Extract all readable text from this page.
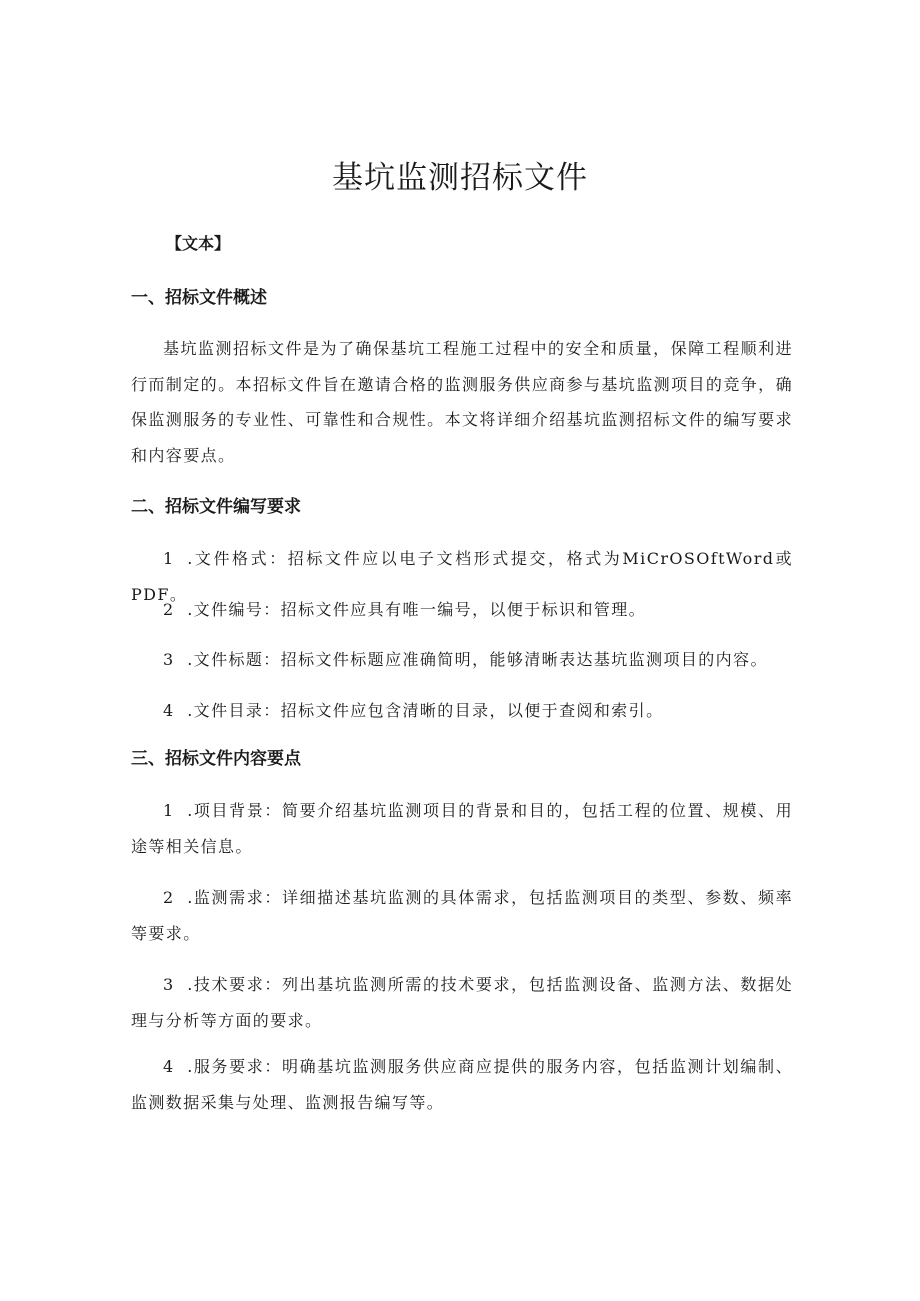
基坑监测招标文件
【文本】
一、招标文件概述

基坑监测招标文件是为了确保基坑工程施工过程中的安全和质量，保障工程顺利进行而制定的。本招标文件旨在邀请合格的监测服务供应商参与基坑监测项目的竞争，确保监测服务的专业性、可靠性和合规性。本文将详细介绍基坑监测招标文件的编写要求和内容要点。

二、招标文件编写要求

1 .文件格式：招标文件应以电子文档形式提交，格式为MiCrOSOftWord或PDF。

2 .文件编号：招标文件应具有唯一编号，以便于标识和管理。

3 .文件标题：招标文件标题应准确简明，能够清晰表达基坑监测项目的内容。

4 .文件目录：招标文件应包含清晰的目录，以便于查阅和索引。

三、招标文件内容要点

1 .项目背景：简要介绍基坑监测项目的背景和目的，包括工程的位置、规模、用途等相关信息。

2 .监测需求：详细描述基坑监测的具体需求，包括监测项目的类型、参数、频率等要求。

3 .技术要求：列出基坑监测所需的技术要求，包括监测设备、监测方法、数据处理与分析等方面的要求。

4 .服务要求：明确基坑监测服务供应商应提供的服务内容，包括监测计划编制、监测数据采集与处理、监测报告编写等。
